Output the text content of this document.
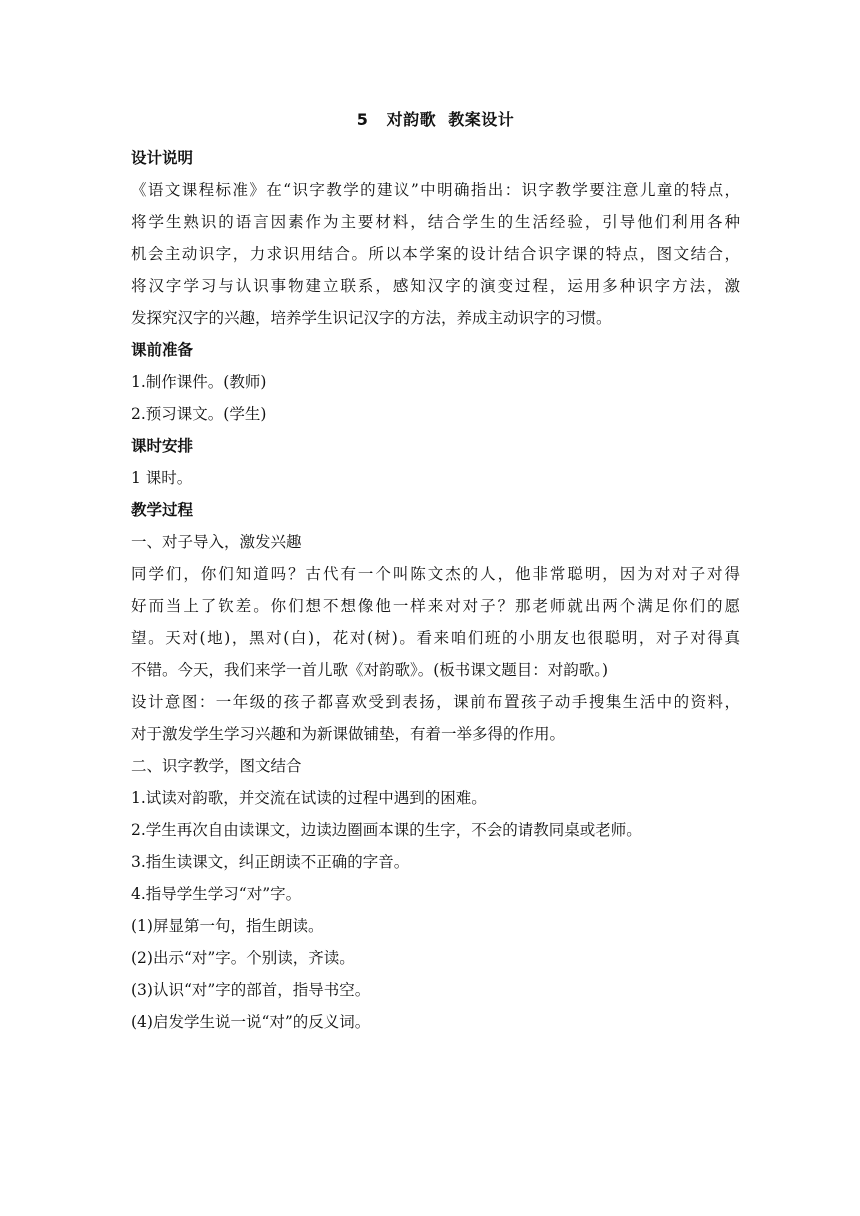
5   对韵歌  教案设计
设计说明
《语文课程标准》在“识字教学的建议”中明确指出：识字教学要注意儿童的特点，
将学生熟识的语言因素作为主要材料，结合学生的生活经验，引导他们利用各种
机会主动识字，力求识用结合。所以本学案的设计结合识字课的特点，图文结合，
将汉字学习与认识事物建立联系，感知汉字的演变过程，运用多种识字方法，激
发探究汉字的兴趣，培养学生识记汉字的方法，养成主动识字的习惯。
课前准备
1.制作课件。(教师)
2.预习课文。(学生)
课时安排
1 课时。
教学过程
一、对子导入，激发兴趣
同学们，你们知道吗？古代有一个叫陈文杰的人，他非常聪明，因为对对子对得
好而当上了钦差。你们想不想像他一样来对对子？那老师就出两个满足你们的愿
望。天对(地)，黑对(白)，花对(树)。看来咱们班的小朋友也很聪明，对子对得真
不错。今天，我们来学一首儿歌《对韵歌》。(板书课文题目：对韵歌。)
设计意图：一年级的孩子都喜欢受到表扬，课前布置孩子动手搜集生活中的资料，
对于激发学生学习兴趣和为新课做铺垫，有着一举多得的作用。
二、识字教学，图文结合
1.试读对韵歌，并交流在试读的过程中遇到的困难。
2.学生再次自由读课文，边读边圈画本课的生字，不会的请教同桌或老师。
3.指生读课文，纠正朗读不正确的字音。
4.指导学生学习“对”字。
(1)屏显第一句，指生朗读。
(2)出示“对”字。个别读，齐读。
(3)认识“对”字的部首，指导书空。
(4)启发学生说一说“对”的反义词。
